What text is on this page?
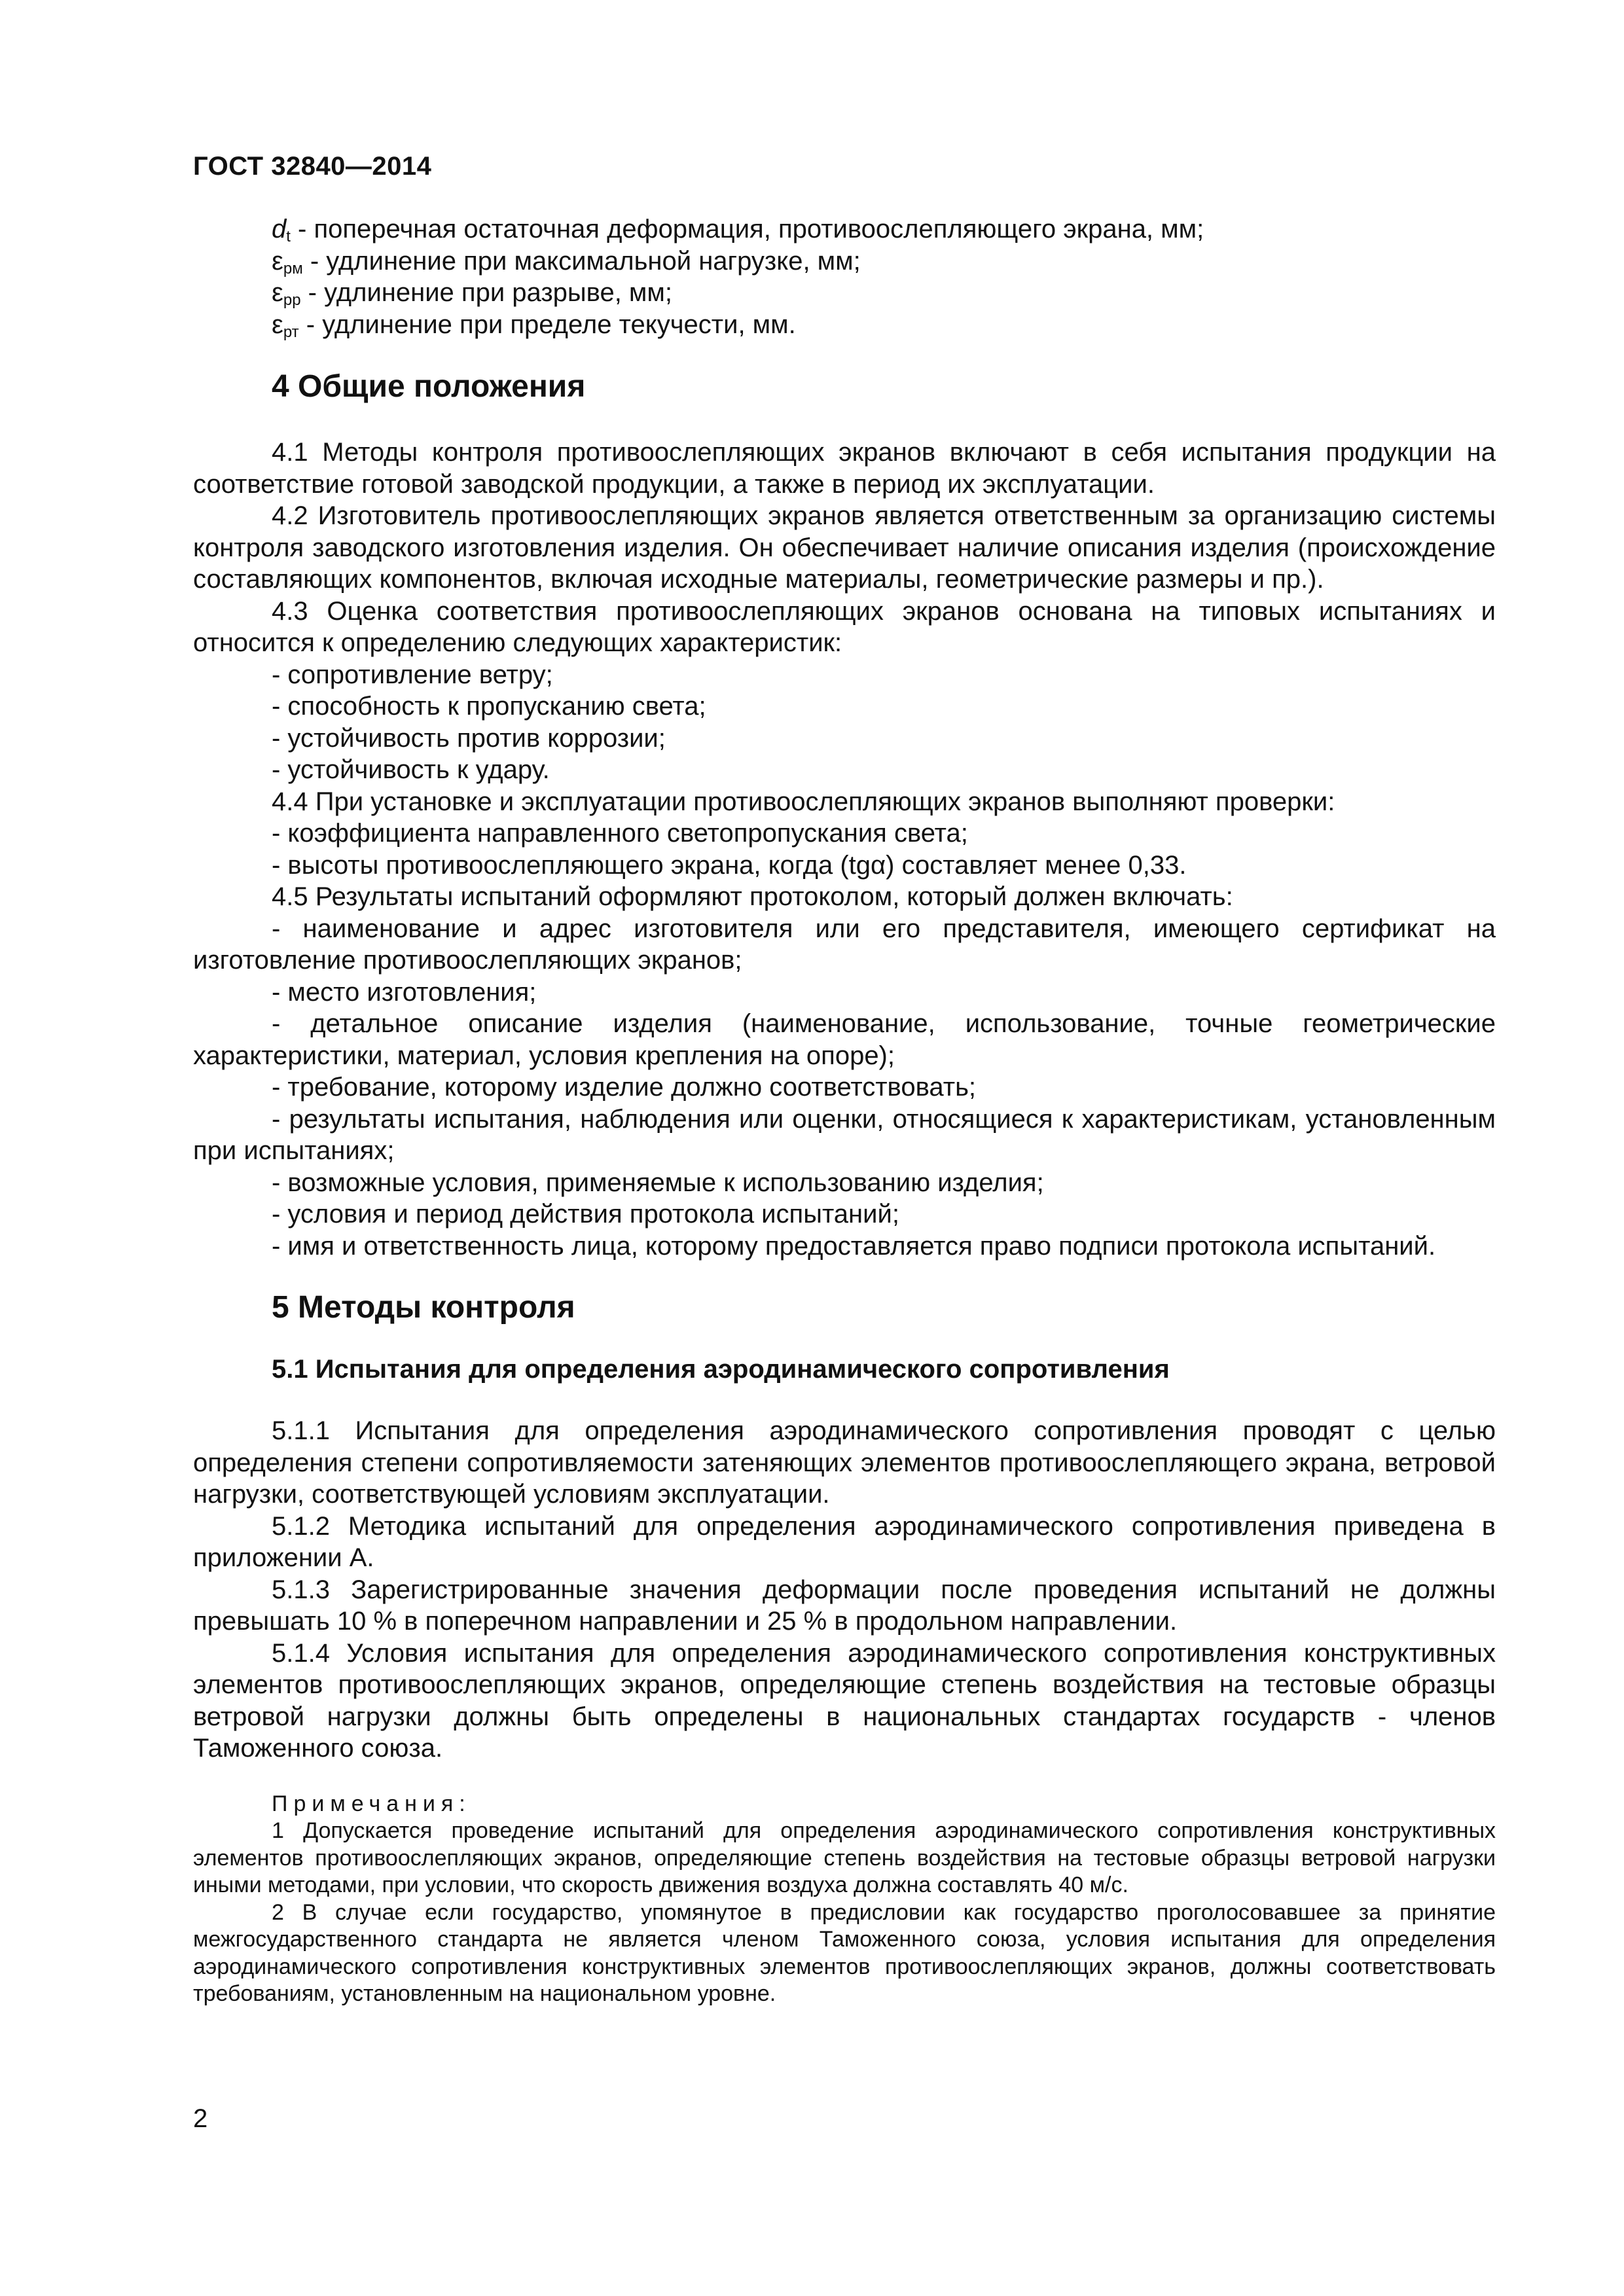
ГОСТ 32840—2014

$d_t$ - поперечная остаточная деформация, противоослепляющего экрана, мм;

$\varepsilon_{рм}$ - удлинение при максимальной нагрузке, мм;

$\varepsilon_{рр}$ - удлинение при разрыве, мм;

$\varepsilon_{рт}$ - удлинение при пределе текучести, мм.

4 Общие положения

4.1 Методы контроля противоослепляющих экранов включают в себя испытания продукции на соответствие готовой заводской продукции, а также в период их эксплуатации.

4.2 Изготовитель противоослепляющих экранов является ответственным за организацию системы контроля заводского изготовления изделия. Он обеспечивает наличие описания изделия (происхождение составляющих компонентов, включая исходные материалы, геометрические размеры и пр.).

4.3 Оценка соответствия противоослепляющих экранов основана на типовых испытаниях и относится к определению следующих характеристик:

- сопротивление ветру;

- способность к пропусканию света;

- устойчивость против коррозии;

- устойчивость к удару.

4.4 При установке и эксплуатации противоослепляющих экранов выполняют проверки:

- коэффициента направленного светопропускания света;

- высоты противоослепляющего экрана, когда (tgα) составляет менее 0,33.

4.5 Результаты испытаний оформляют протоколом, который должен включать:

- наименование и адрес изготовителя или его представителя, имеющего сертификат на изготовление противоослепляющих экранов;

- место изготовления;

- детальное описание изделия (наименование, использование, точные геометрические характеристики, материал, условия крепления на опоре);

- требование, которому изделие должно соответствовать;

- результаты испытания, наблюдения или оценки, относящиеся к характеристикам, установленным при испытаниях;

- возможные условия, применяемые к использованию изделия;

- условия и период действия протокола испытаний;

- имя и ответственность лица, которому предоставляется право подписи протокола испытаний.

5 Методы контроля
5.1 Испытания для определения аэродинамического сопротивления

5.1.1 Испытания для определения аэродинамического сопротивления проводят с целью определения степени сопротивляемости затеняющих элементов противоослепляющего экрана, ветровой нагрузки, соответствующей условиям эксплуатации.

5.1.2 Методика испытаний для определения аэродинамического сопротивления приведена в приложении А.

5.1.3 Зарегистрированные значения деформации после проведения испытаний не должны превышать 10 % в поперечном направлении и 25 % в продольном направлении.

5.1.4 Условия испытания для определения аэродинамического сопротивления конструктивных элементов противоослепляющих экранов, определяющие степень воздействия на тестовые образцы ветровой нагрузки должны быть определены в национальных стандартах государств - членов Таможенного союза.

Примечания:

1 Допускается проведение испытаний для определения аэродинамического сопротивления конструктивных элементов противоослепляющих экранов, определяющие степень воздействия на тестовые образцы ветровой нагрузки иными методами, при условии, что скорость движения воздуха должна составлять 40 м/с.

2 В случае если государство, упомянутое в предисловии как государство проголосовавшее за принятие межгосударственного стандарта не является членом Таможенного союза, условия испытания для определения аэродинамического сопротивления конструктивных элементов противоослепляющих экранов, должны соответствовать требованиям, установленным на национальном уровне.

2
